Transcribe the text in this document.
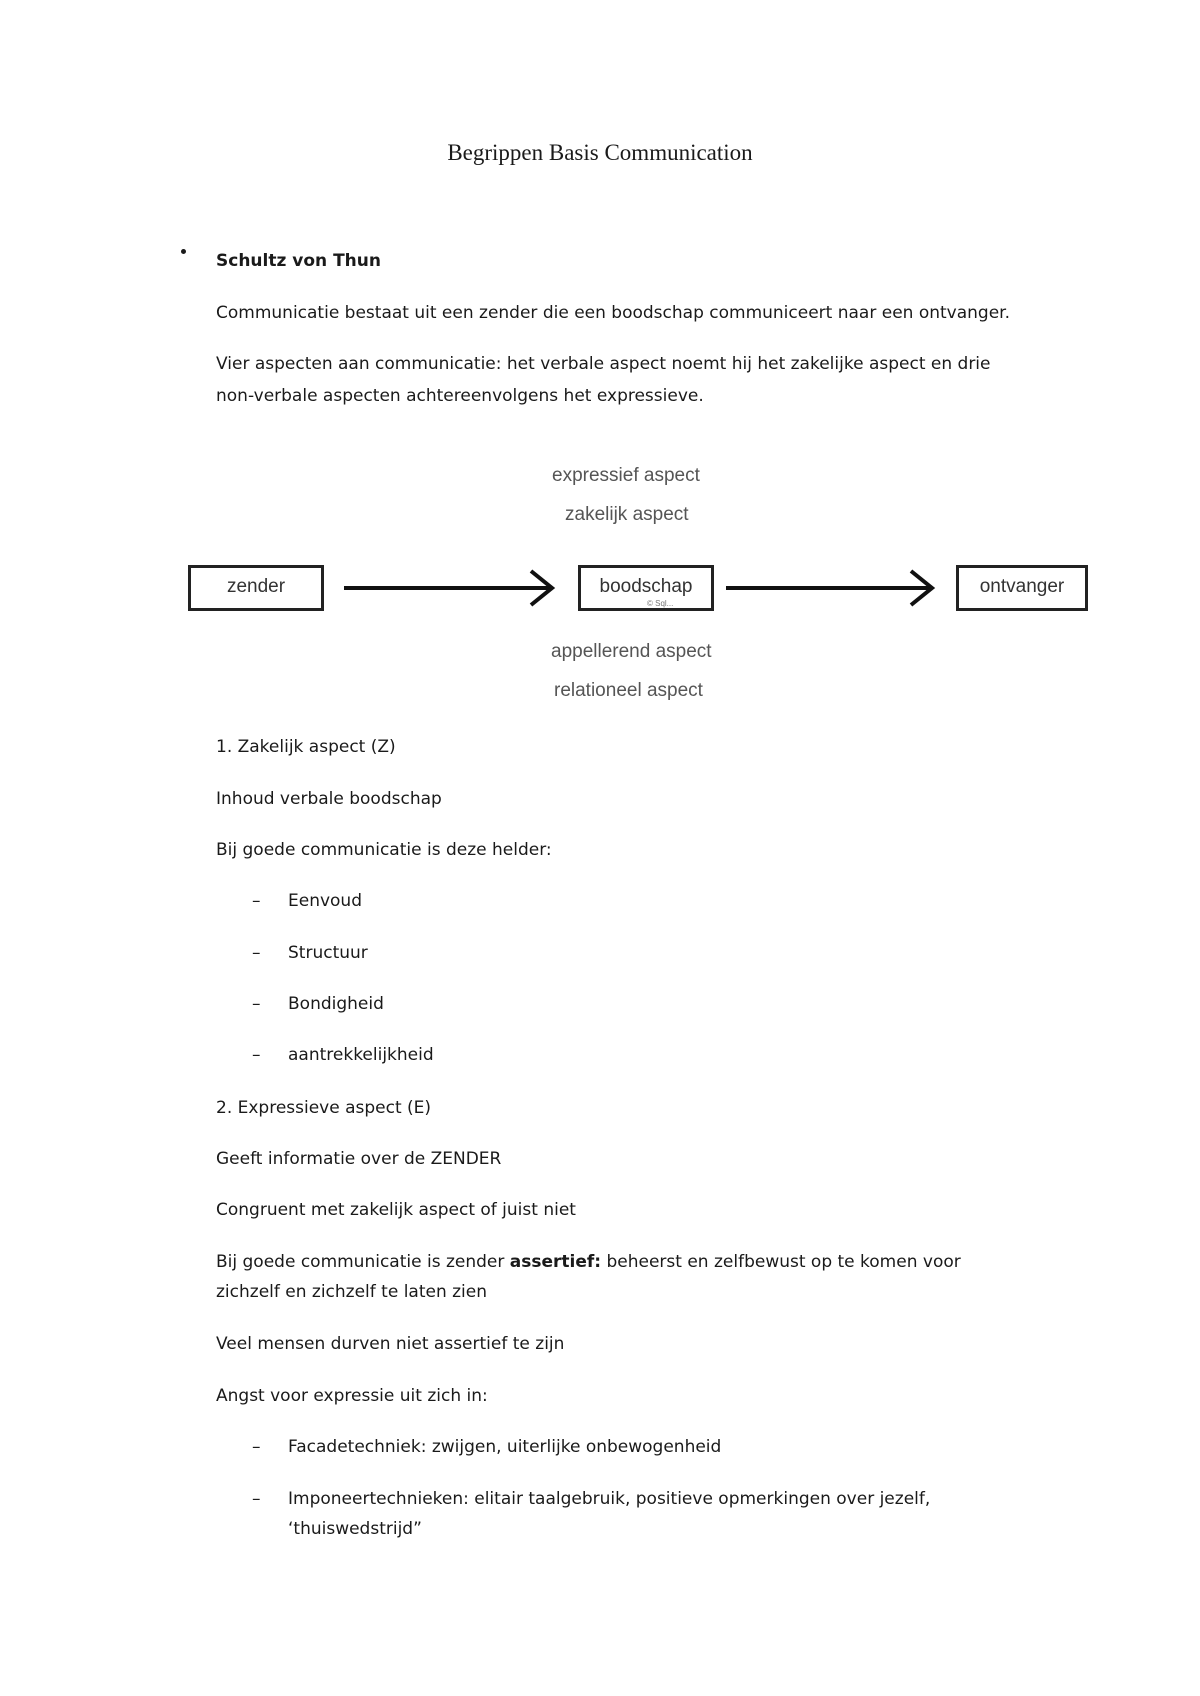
Begrippen Basis Communication
Schultz von Thun
Communicatie bestaat uit een zender die een boodschap communiceert naar een ontvanger.
Vier aspecten aan communicatie: het verbale aspect noemt hij het zakelijke aspect en drie
non-verbale aspecten achtereenvolgens het expressieve.
expressief aspect
zakelijk aspect
zender	boodschap
© Sql...
ontvanger
appellerend aspect
relationeel aspect
1. Zakelijk aspect (Z)
Inhoud verbale boodschap
Bij goede communicatie is deze helder:
– Eenvoud
– Structuur
– Bondigheid
– aantrekkelijkheid
2. Expressieve aspect (E)
Geeft informatie over de ZENDER
Congruent met zakelijk aspect of juist niet
Bij goede communicatie is zender assertief: beheerst en zelfbewust op te komen voor
zichzelf en zichzelf te laten zien
Veel mensen durven niet assertief te zijn
Angst voor expressie uit zich in:
– Facadetechniek: zwijgen, uiterlijke onbewogenheid
– Imponeertechnieken: elitair taalgebruik, positieve opmerkingen over jezelf,
‘thuiswedstrijd”
